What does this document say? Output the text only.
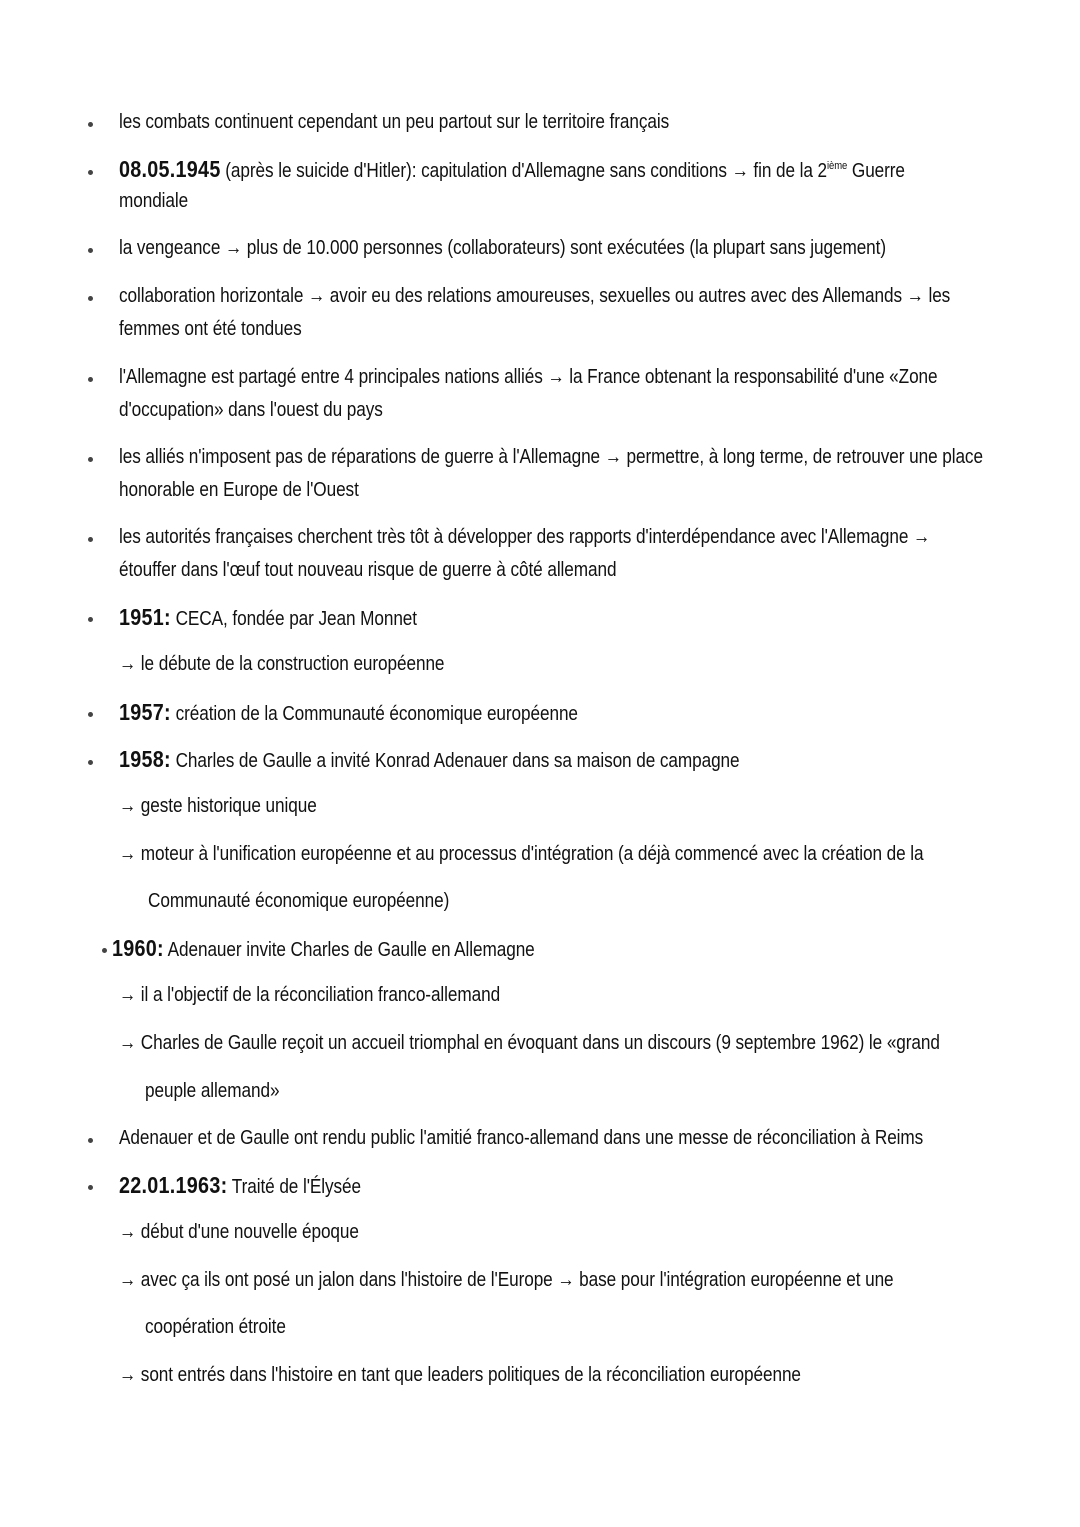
les combats continuent cependant un peu partout sur le territoire français
08.05.1945 (après le suicide d'Hitler): capitulation d'Allemagne sans conditions → fin de la 2ième Guerre
mondiale
la vengeance → plus de 10.000 personnes (collaborateurs) sont exécutées (la plupart sans jugement)
collaboration horizontale → avoir eu des relations amoureuses, sexuelles ou autres avec des Allemands → les
femmes ont été tondues
l'Allemagne est partagé entre 4 principales nations alliés → la France obtenant la responsabilité d'une «Zone
d'occupation» dans l'ouest du pays
les alliés n'imposent pas de réparations de guerre à l'Allemagne → permettre, à long terme, de retrouver une place
honorable en Europe de l'Ouest
les autorités françaises cherchent très tôt à développer des rapports d'interdépendance avec l'Allemagne →
étouffer dans l'œuf tout nouveau risque de guerre à côté allemand
1951: CECA, fondée par Jean Monnet
→ le débute de la construction européenne
1957: création de la Communauté économique européenne
1958: Charles de Gaulle a invité Konrad Adenauer dans sa maison de campagne
→ geste historique unique
→ moteur à l'unification européenne et au processus d'intégration (a déjà commencé avec la création de la
Communauté économique européenne)
1960: Adenauer invite Charles de Gaulle en Allemagne
→ il a l'objectif de la réconciliation franco-allemand
→ Charles de Gaulle reçoit un accueil triomphal en évoquant dans un discours (9 septembre 1962) le «grand
peuple allemand»
Adenauer et de Gaulle ont rendu public l'amitié franco-allemand dans une messe de réconciliation à Reims
22.01.1963: Traité de l'Élysée
→ début d'une nouvelle époque
→ avec ça ils ont posé un jalon dans l'histoire de l'Europe → base pour l'intégration européenne et une
coopération étroite
→ sont entrés dans l'histoire en tant que leaders politiques de la réconciliation européenne
